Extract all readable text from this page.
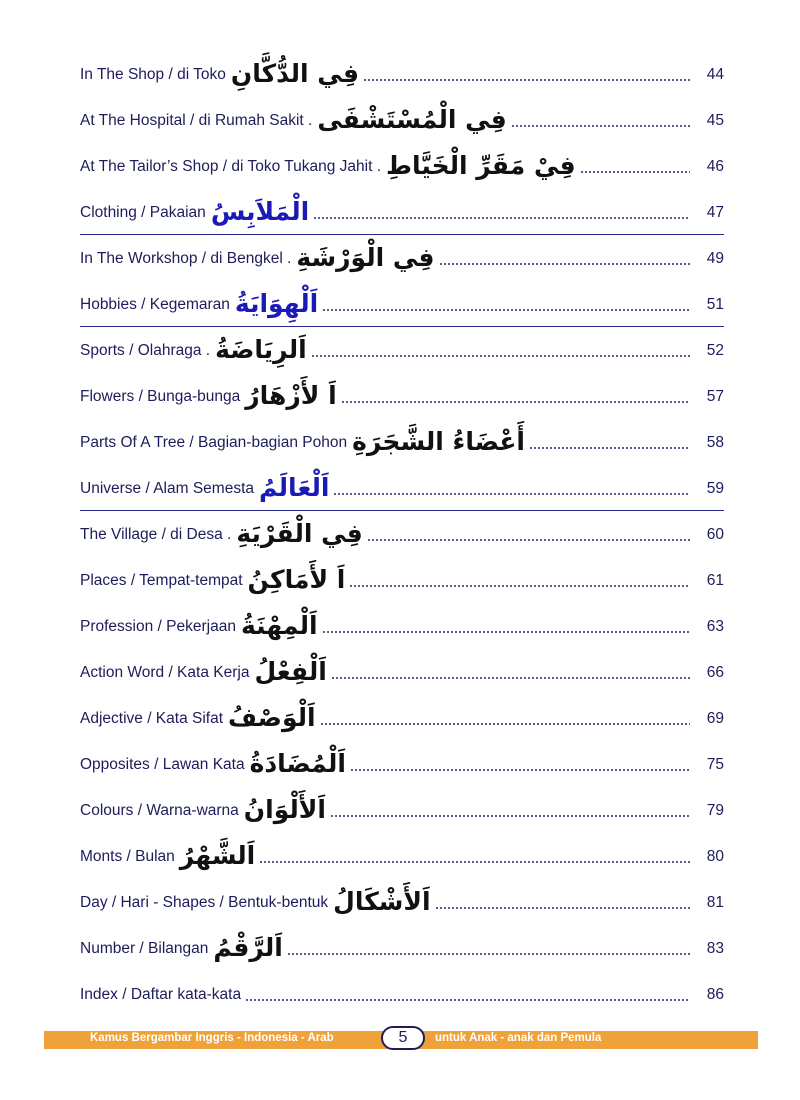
In The Shop / di Toko فِي الدُّكَّانِ	44
At The Hospital / di Rumah Sakit . فِي الْمُسْتَشْفَى	45
At The Tailor’s Shop / di Toko Tukang Jahit . فِيْ مَقَرِّ الْخَيَّاطِ	46
Clothing / Pakaian الْمَلاَبِسُ	47
In The Workshop / di Bengkel . فِي الْوَرْشَةِ	49
Hobbies / Kegemaran اَلْهِوَايَةُ	51
Sports / Olahraga . اَلرِيَاضَةُ	52
Flowers / Bunga-bunga اَ لأَزْهَارُ	57
Parts Of A Tree / Bagian-bagian Pohon أَعْضَاءُ الشَّجَرَةِ	58
Universe / Alam Semesta اَلْعَالَمُ	59
The Village / di Desa . فِي الْقَرْيَةِ	60
Places / Tempat-tempat اَ لأَمَاكِنُ	61
Profession / Pekerjaan اَلْمِهْنَةُ	63
Action Word / Kata Kerja اَلْفِعْلُ	66
Adjective / Kata Sifat اَلْوَصْفُ	69
Opposites / Lawan Kata اَلْمُضَادَةُ	75
Colours / Warna-warna اَلأَلْوَانُ	79
Monts / Bulan اَلشَّهْرُ	80
Day / Hari - Shapes / Bentuk-bentuk اَلأَشْكَالُ	81
Number / Bilangan اَلرَّقْمُ	83
Index / Daftar kata-kata	86
Kamus Bergambar Inggris - Indonesia - Arab	5	untuk Anak - anak dan Pemula
